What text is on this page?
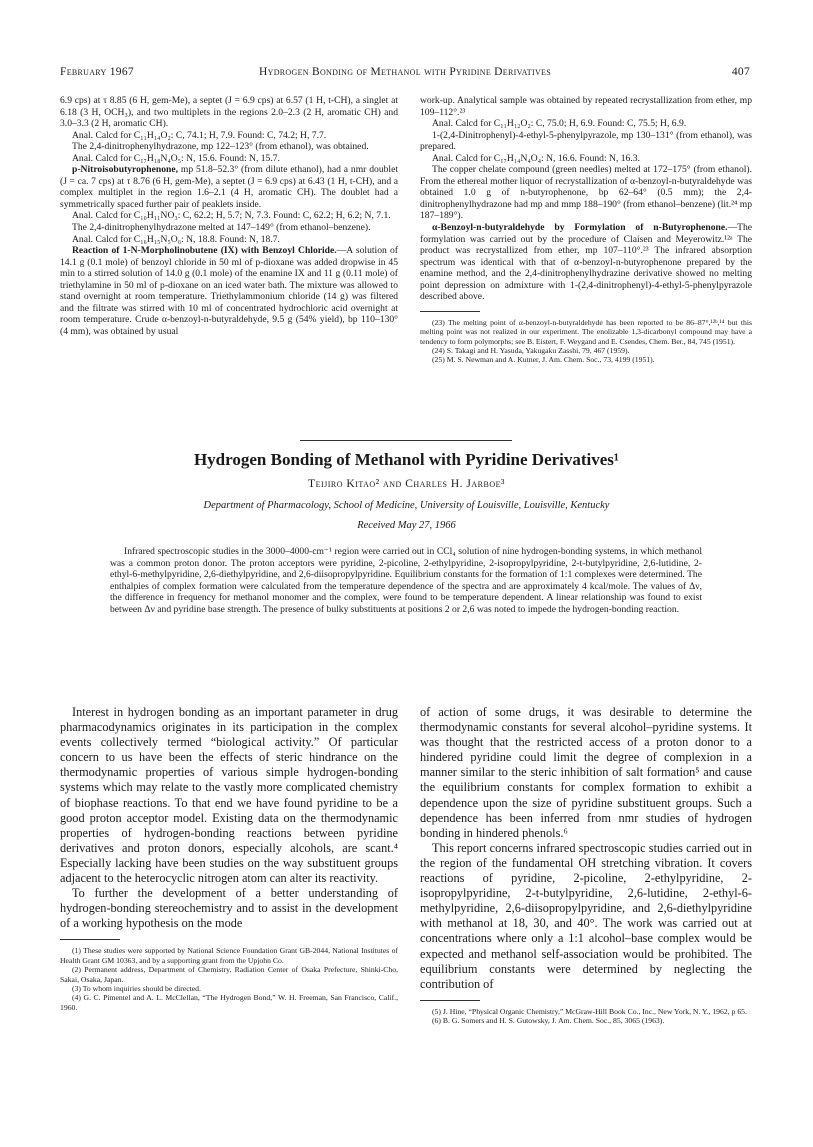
February 1967	Hydrogen Bonding of Methanol with Pyridine Derivatives	407

6.9 cps) at τ 8.85 (6 H, gem-Me), a septet (J = 6.9 cps) at 6.57 (1 H, t-CH), a singlet at 6.18 (3 H, OCH₃), and two multiplets in the regions 2.0–2.3 (2 H, aromatic CH) and 3.0–3.3 (2 H, aromatic CH).

Anal. Calcd for C₁₁H₁₄O₂: C, 74.1; H, 7.9. Found: C, 74.2; H, 7.7.

The 2,4-dinitrophenylhydrazone, mp 122–123° (from ethanol), was obtained.

Anal. Calcd for C₁₇H₁₈N₄O₅: N, 15.6. Found: N, 15.7.

p-Nitroisobutyrophenone, mp 51.8–52.3° (from dilute ethanol), had a nmr doublet (J = ca. 7 cps) at τ 8.76 (6 H, gem-Me), a septet (J = 6.9 cps) at 6.43 (1 H, t-CH), and a complex multiplet in the region 1.6–2.1 (4 H, aromatic CH). The doublet had a symmetrically spaced further pair of peaklets inside.

Anal. Calcd for C₁₀H₁₁NO₃: C, 62.2; H, 5.7; N, 7.3. Found: C, 62.2; H, 6.2; N, 7.1.

The 2,4-dinitrophenylhydrazone melted at 147–149° (from ethanol–benzene).

Anal. Calcd for C₁₆H₁₅N₅O₆: N, 18.8. Found: N, 18.7.

Reaction of 1-N-Morpholinobutene (IX) with Benzoyl Chloride.—A solution of 14.1 g (0.1 mole) of benzoyl chloride in 50 ml of p-dioxane was added dropwise in 45 min to a stirred solution of 14.0 g (0.1 mole) of the enamine IX and 11 g (0.11 mole) of triethylamine in 50 ml of p-dioxane on an iced water bath. The mixture was allowed to stand overnight at room temperature. Triethylammonium chloride (14 g) was filtered and the filtrate was stirred with 10 ml of concentrated hydrochloric acid overnight at room temperature. Crude α-benzoyl-n-butyraldehyde, 9.5 g (54% yield), bp 110–130° (4 mm), was obtained by usual

work-up. Analytical sample was obtained by repeated recrystallization from ether, mp 109–112°.²³

Anal. Calcd for C₁₁H₁₂O₂: C, 75.0; H, 6.9. Found: C, 75.5; H, 6.9.

1-(2,4-Dinitrophenyl)-4-ethyl-5-phenylpyrazole, mp 130–131° (from ethanol), was prepared.

Anal. Calcd for C₁₇H₁₄N₄O₄: N, 16.6. Found: N, 16.3.

The copper chelate compound (green needles) melted at 172–175° (from ethanol). From the ethereal mother liquor of recrystallization of α-benzoyl-n-butyraldehyde was obtained 1.0 g of n-butyrophenone, bp 62–64° (0.5 mm); the 2,4-dinitrophenylhydrazone had mp and mmp 188–190° (from ethanol–benzene) (lit.²⁴ mp 187–189°).

α-Benzoyl-n-butyraldehyde by Formylation of n-Butyrophenone.—The formylation was carried out by the procedure of Claisen and Meyerowitz.¹²ᵃ The product was recrystallized from ether, mp 107–110°.²³ The infrared absorption spectrum was identical with that of α-benzoyl-n-butyrophenone prepared by the enamine method, and the 2,4-dinitrophenylhydrazine derivative showed no melting point depression on admixture with 1-(2,4-dinitrophenyl)-4-ethyl-5-phenylpyrazole described above.

(23) The melting point of α-benzoyl-n-butyraldehyde has been reported to be 86–87°,¹²ᵇ,¹⁴ but this melting point was not realized in our experiment. The enolizable 1,3-dicarbonyl compound may have a tendency to form polymorphs; see B. Eistert, F. Weygand and E. Csendes, Chem. Ber., 84, 745 (1951).

(24) S. Takagi and H. Yasuda, Yakugaku Zasshi, 79, 467 (1959).

(25) M. S. Newman and A. Kutner, J. Am. Chem. Soc., 73, 4199 (1951).

Hydrogen Bonding of Methanol with Pyridine Derivatives¹
Teijiro Kitao² and Charles H. Jarboe³
Department of Pharmacology, School of Medicine, University of Louisville, Louisville, Kentucky
Received May 27, 1966

Infrared spectroscopic studies in the 3000–4000-cm⁻¹ region were carried out in CCl₄ solution of nine hydrogen-bonding systems, in which methanol was a common proton donor. The proton acceptors were pyridine, 2-picoline, 2-ethylpyridine, 2-isopropylpyridine, 2-t-butylpyridine, 2,6-lutidine, 2-ethyl-6-methylpyridine, 2,6-diethylpyridine, and 2,6-diisopropylpyridine. Equilibrium constants for the formation of 1:1 complexes were determined. The enthalpies of complex formation were calculated from the temperature dependence of the spectra and are approximately 4 kcal/mole. The values of Δν, the difference in frequency for methanol monomer and the complex, were found to be temperature dependent. A linear relationship was found to exist between Δν and pyridine base strength. The presence of bulky substituents at positions 2 or 2,6 was noted to impede the hydrogen-bonding reaction.

Interest in hydrogen bonding as an important parameter in drug pharmacodynamics originates in its participation in the complex events collectively termed “biological activity.” Of particular concern to us have been the effects of steric hindrance on the thermodynamic properties of various simple hydrogen-bonding systems which may relate to the vastly more complicated chemistry of biophase reactions. To that end we have found pyridine to be a good proton acceptor model. Existing data on the thermodynamic properties of hydrogen-bonding reactions between pyridine derivatives and proton donors, especially alcohols, are scant.⁴ Especially lacking have been studies on the way substituent groups adjacent to the heterocyclic nitrogen atom can alter its reactivity.

To further the development of a better understanding of hydrogen-bonding stereochemistry and to assist in the development of a working hypothesis on the mode

(1) These studies were supported by National Science Foundation Grant GB-2044, National Institutes of Health Grant GM 10363, and by a supporting grant from the Upjohn Co.

(2) Permanent address, Department of Chemistry, Radiation Center of Osaka Prefecture, Shinki-Cho, Sakai, Osaka, Japan.

(3) To whom inquiries should be directed.

(4) G. C. Pimentel and A. L. McClellan, “The Hydrogen Bond,” W. H. Freeman, San Francisco, Calif., 1960.

of action of some drugs, it was desirable to determine the thermodynamic constants for several alcohol–pyridine systems. It was thought that the restricted access of a proton donor to a hindered pyridine could limit the degree of complexion in a manner similar to the steric inhibition of salt formation⁵ and cause the equilibrium constants for complex formation to exhibit a dependence upon the size of pyridine substituent groups. Such a dependence has been inferred from nmr studies of hydrogen bonding in hindered phenols.⁶

This report concerns infrared spectroscopic studies carried out in the region of the fundamental OH stretching vibration. It covers reactions of pyridine, 2-picoline, 2-ethylpyridine, 2-isopropylpyridine, 2-t-butylpyridine, 2,6-lutidine, 2-ethyl-6-methylpyridine, 2,6-diisopropylpyridine, and 2,6-diethylpyridine with methanol at 18, 30, and 40°. The work was carried out at concentrations where only a 1:1 alcohol–base complex would be expected and methanol self-association would be prohibited. The equilibrium constants were determined by neglecting the contribution of

(5) J. Hine, “Physical Organic Chemistry,” McGraw-Hill Book Co., Inc., New York, N. Y., 1962, p 65.

(6) B. G. Somers and H. S. Gutowsky, J. Am. Chem. Soc., 85, 3065 (1963).
